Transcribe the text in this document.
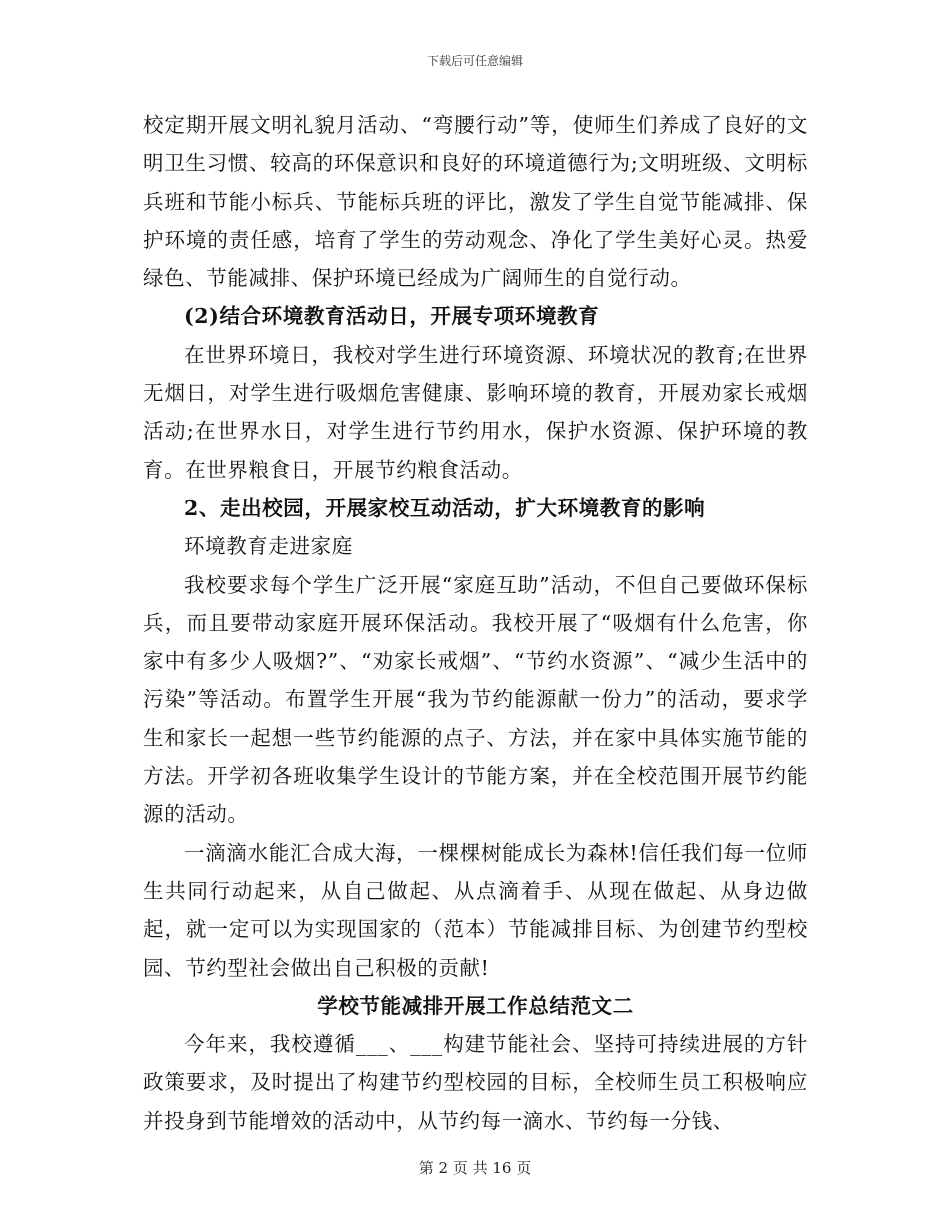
下载后可任意编辑

校定期开展文明礼貌月活动、“弯腰行动”等，使师生们养成了良好的文明卫生习惯、较高的环保意识和良好的环境道德行为;文明班级、文明标兵班和节能小标兵、节能标兵班的评比，激发了学生自觉节能减排、保护环境的责任感，培育了学生的劳动观念、净化了学生美好心灵。热爱绿色、节能减排、保护环境已经成为广阔师生的自觉行动。

(2)结合环境教育活动日，开展专项环境教育

在世界环境日，我校对学生进行环境资源、环境状况的教育;在世界无烟日，对学生进行吸烟危害健康、影响环境的教育，开展劝家长戒烟活动;在世界水日，对学生进行节约用水，保护水资源、保护环境的教育。在世界粮食日，开展节约粮食活动。

2、走出校园，开展家校互动活动，扩大环境教育的影响

环境教育走进家庭

我校要求每个学生广泛开展“家庭互助”活动，不但自己要做环保标兵，而且要带动家庭开展环保活动。我校开展了“吸烟有什么危害，你家中有多少人吸烟?”、“劝家长戒烟”、“节约水资源”、“减少生活中的污染”等活动。布置学生开展“我为节约能源献一份力”的活动，要求学生和家长一起想一些节约能源的点子、方法，并在家中具体实施节能的方法。开学初各班收集学生设计的节能方案，并在全校范围开展节约能源的活动。

一滴滴水能汇合成大海，一棵棵树能成长为森林!信任我们每一位师生共同行动起来，从自己做起、从点滴着手、从现在做起、从身边做起，就一定可以为实现国家的（范本）节能减排目标、为创建节约型校园、节约型社会做出自己积极的贡献!

学校节能减排开展工作总结范文二

今年来，我校遵循___、___构建节能社会、坚持可持续进展的方针政策要求，及时提出了构建节约型校园的目标，全校师生员工积极响应并投身到节能增效的活动中，从节约每一滴水、节约每一分钱、

第 2 页 共 16 页
